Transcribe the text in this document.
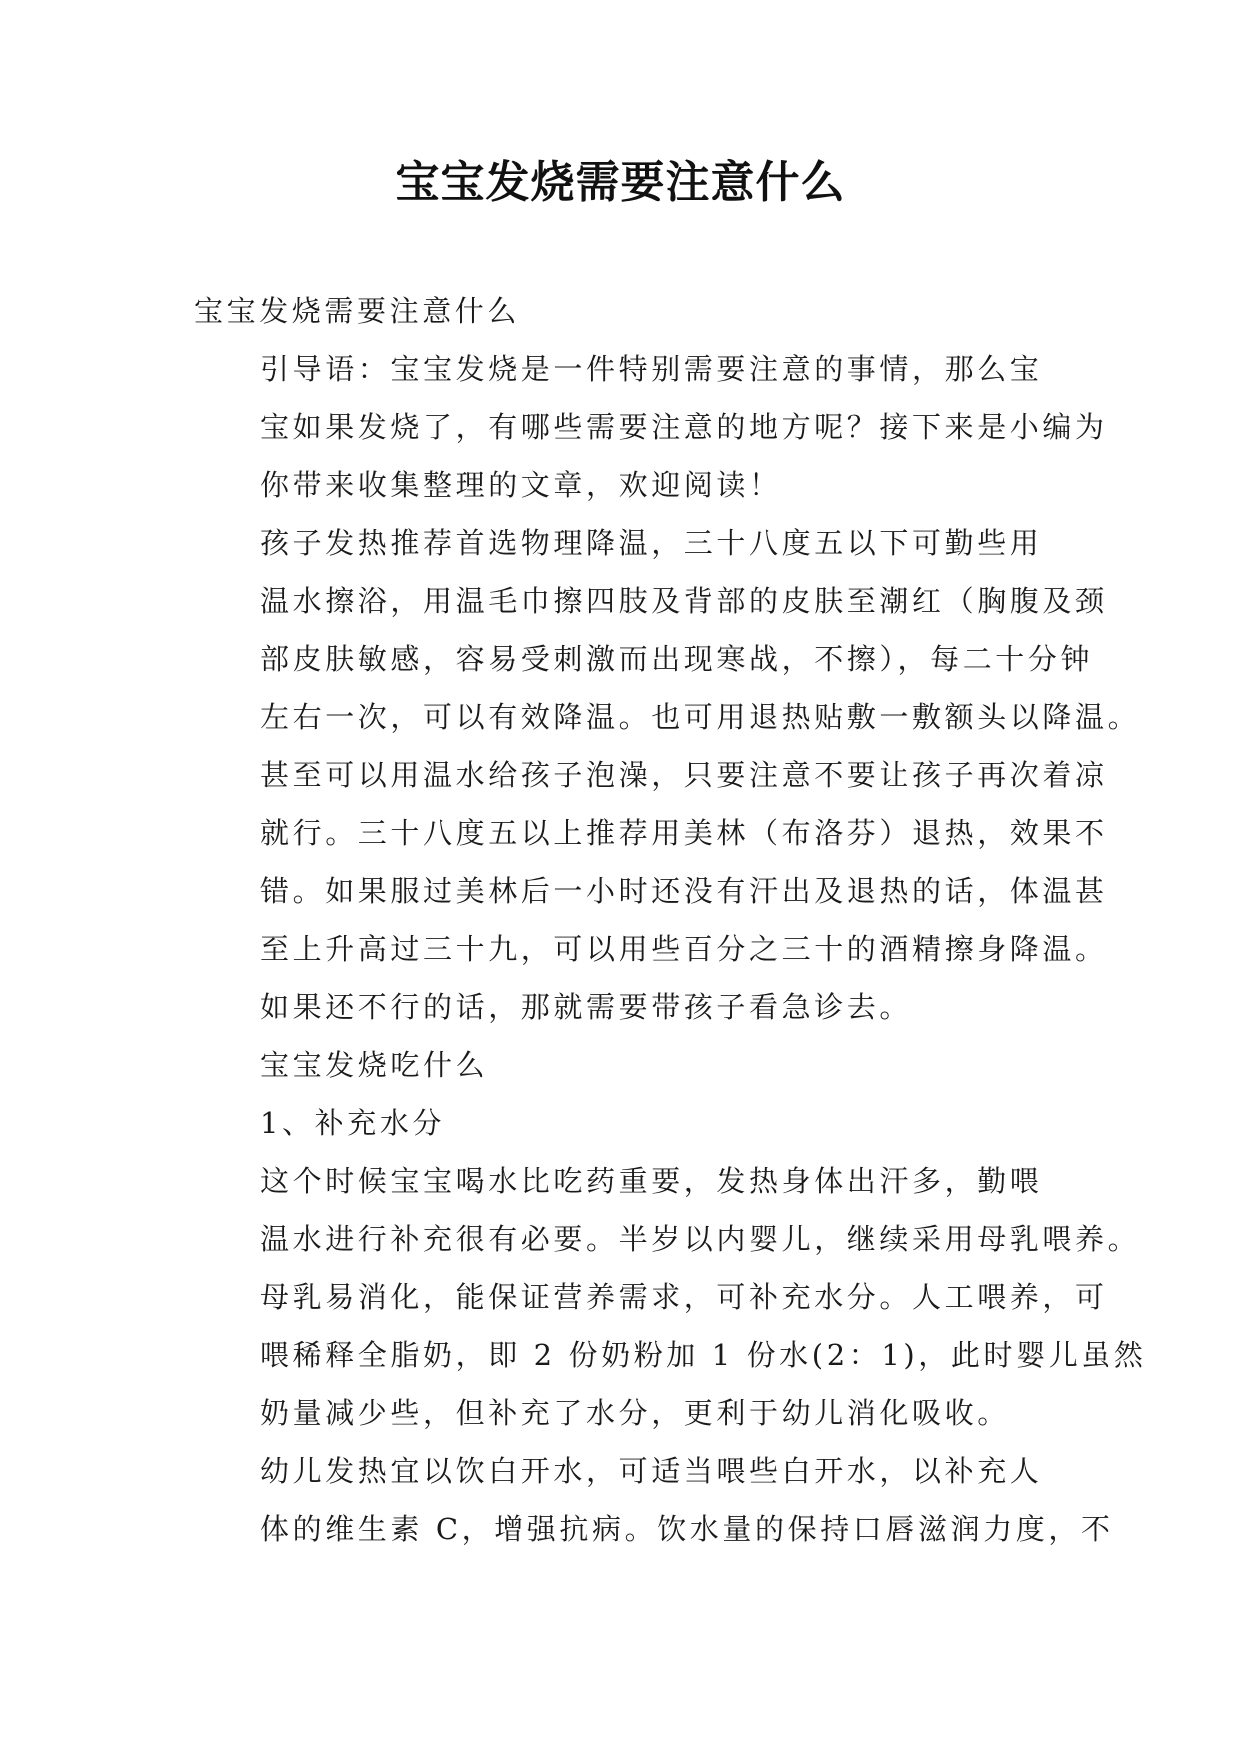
宝宝发烧需要注意什么

宝宝发烧需要注意什么

引导语：宝宝发烧是一件特别需要注意的事情，那么宝
宝如果发烧了，有哪些需要注意的地方呢？接下来是小编为
你带来收集整理的文章，欢迎阅读！

孩子发热推荐首选物理降温，三十八度五以下可勤些用
温水擦浴，用温毛巾擦四肢及背部的皮肤至潮红（胸腹及颈
部皮肤敏感，容易受刺激而出现寒战，不擦），每二十分钟
左右一次，可以有效降温。也可用退热贴敷一敷额头以降温。
甚至可以用温水给孩子泡澡，只要注意不要让孩子再次着凉
就行。三十八度五以上推荐用美林（布洛芬）退热，效果不
错。如果服过美林后一小时还没有汗出及退热的话，体温甚
至上升高过三十九，可以用些百分之三十的酒精擦身降温。
如果还不行的话，那就需要带孩子看急诊去。

宝宝发烧吃什么

1、补充水分

这个时候宝宝喝水比吃药重要，发热身体出汗多，勤喂
温水进行补充很有必要。半岁以内婴儿，继续采用母乳喂养。
母乳易消化，能保证营养需求，可补充水分。人工喂养，可
喂稀释全脂奶，即 2 份奶粉加 1 份水(2：1)，此时婴儿虽然
奶量减少些，但补充了水分，更利于幼儿消化吸收。

幼儿发热宜以饮白开水，可适当喂些白开水，以补充人
体的维生素 C，增强抗病。饮水量的保持口唇滋润力度，不
